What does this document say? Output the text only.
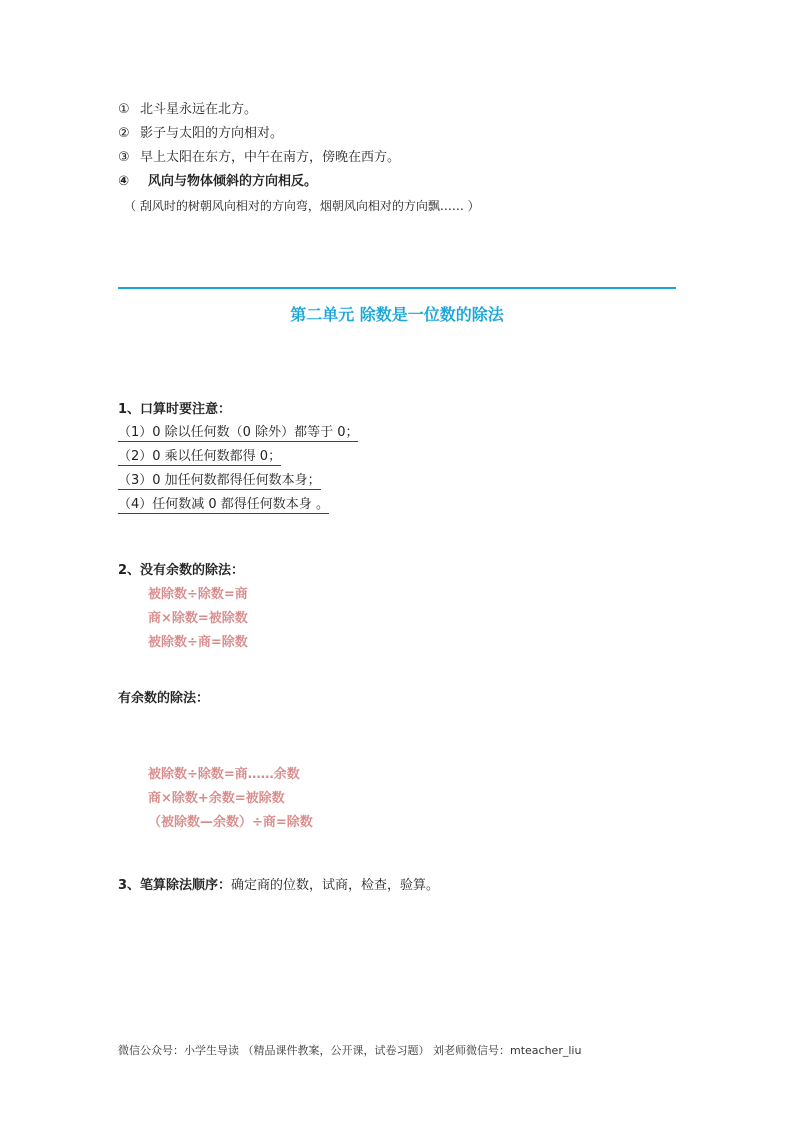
① 北斗星永远在北方。
② 影子与太阳的方向相对。
③ 早上太阳在东方，中午在南方，傍晚在西方。
④ 风向与物体倾斜的方向相反。
（ 刮风时的树朝风向相对的方向弯，烟朝风向相对的方向飘…… ）
第二单元 除数是一位数的除法
1、口算时要注意：
（1）0 除以任何数（0 除外）都等于 0；
（2）0 乘以任何数都得 0；
（3）0 加任何数都得任何数本身；
（4）任何数减 0 都得任何数本身 。
2、没有余数的除法：
被除数÷除数=商
商×除数=被除数
被除数÷商=除数
有余数的除法：
被除数÷除数=商……余数
商×除数+余数=被除数
（被除数—余数）÷商=除数
3、笔算除法顺序：确定商的位数，试商，检查，验算。
微信公众号：小学生导读 （精品课件教案，公开课，试卷习题） 刘老师微信号：mteacher_liu
